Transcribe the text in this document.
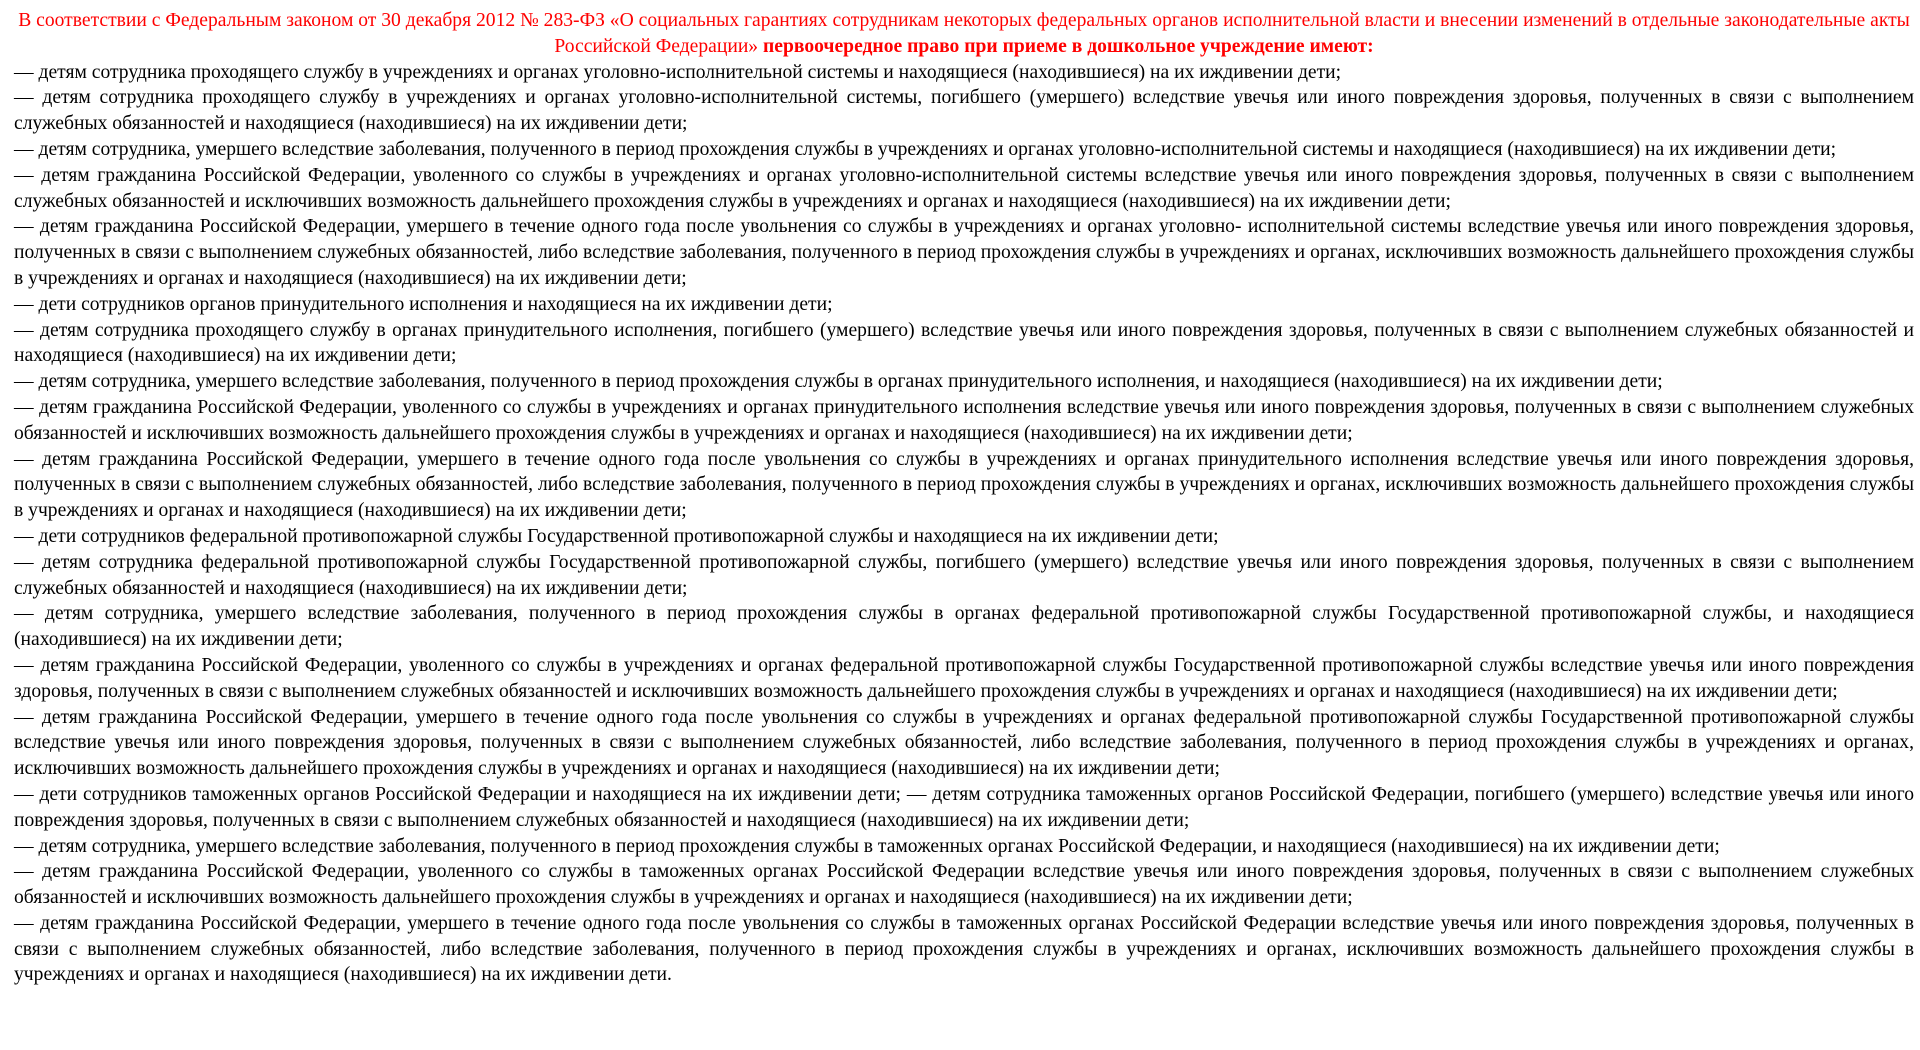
В соответствии с Федеральным законом от 30 декабря 2012 № 283-ФЗ «О социальных гарантиях сотрудникам некоторых федеральных органов исполнительной власти и внесении изменений в отдельные законодательные акты Российской Федерации» первоочередное право при приеме в дошкольное учреждение имеют:

— детям сотрудника проходящего службу в учреждениях и органах уголовно-исполнительной системы и находящиеся (находившиеся) на их иждивении дети;

— детям сотрудника проходящего службу в учреждениях и органах уголовно-исполнительной системы, погибшего (умершего) вследствие увечья или иного повреждения здоровья, полученных в связи с выполнением служебных обязанностей и находящиеся (находившиеся) на их иждивении дети;

— детям сотрудника, умершего вследствие заболевания, полученного в период прохождения службы в учреждениях и органах уголовно-исполнительной системы и находящиеся (находившиеся) на их иждивении дети;

— детям гражданина Российской Федерации, уволенного со службы в учреждениях и органах уголовно-исполнительной системы вследствие увечья или иного повреждения здоровья, полученных в связи с выполнением служебных обязанностей и исключивших возможность дальнейшего прохождения службы в учреждениях и органах и находящиеся (находившиеся) на их иждивении дети;

— детям гражданина Российской Федерации, умершего в течение одного года после увольнения со службы в учреждениях и органах уголовно- исполнительной системы вследствие увечья или иного повреждения здоровья, полученных в связи с выполнением служебных обязанностей, либо вследствие заболевания, полученного в период прохождения службы в учреждениях и органах, исключивших возможность дальнейшего прохождения службы в учреждениях и органах и находящиеся (находившиеся) на их иждивении дети;

— дети сотрудников органов принудительного исполнения и находящиеся на их иждивении дети;

— детям сотрудника проходящего службу в органах принудительного исполнения, погибшего (умершего) вследствие увечья или иного повреждения здоровья, полученных в связи с выполнением служебных обязанностей и находящиеся (находившиеся) на их иждивении дети;

— детям сотрудника, умершего вследствие заболевания, полученного в период прохождения службы в органах принудительного исполнения, и находящиеся (находившиеся) на их иждивении дети;

— детям гражданина Российской Федерации, уволенного со службы в учреждениях и органах принудительного исполнения вследствие увечья или иного повреждения здоровья, полученных в связи с выполнением служебных обязанностей и исключивших возможность дальнейшего прохождения службы в учреждениях и органах и находящиеся (находившиеся) на их иждивении дети;

— детям гражданина Российской Федерации, умершего в течение одного года после увольнения со службы в учреждениях и органах принудительного исполнения вследствие увечья или иного повреждения здоровья, полученных в связи с выполнением служебных обязанностей, либо вследствие заболевания, полученного в период прохождения службы в учреждениях и органах, исключивших возможность дальнейшего прохождения службы в учреждениях и органах и находящиеся (находившиеся) на их иждивении дети;

— дети сотрудников федеральной противопожарной службы Государственной противопожарной службы и находящиеся на их иждивении дети;

— детям сотрудника федеральной противопожарной службы Государственной противопожарной службы, погибшего (умершего) вследствие увечья или иного повреждения здоровья, полученных в связи с выполнением служебных обязанностей и находящиеся (находившиеся) на их иждивении дети;

— детям сотрудника, умершего вследствие заболевания, полученного в период прохождения службы в органах федеральной противопожарной службы Государственной противопожарной службы, и находящиеся (находившиеся) на их иждивении дети;

— детям гражданина Российской Федерации, уволенного со службы в учреждениях и органах федеральной противопожарной службы Государственной противопожарной службы вследствие увечья или иного повреждения здоровья, полученных в связи с выполнением служебных обязанностей и исключивших возможность дальнейшего прохождения службы в учреждениях и органах и находящиеся (находившиеся) на их иждивении дети;

— детям гражданина Российской Федерации, умершего в течение одного года после увольнения со службы в учреждениях и органах федеральной противопожарной службы Государственной противопожарной службы вследствие увечья или иного повреждения здоровья, полученных в связи с выполнением служебных обязанностей, либо вследствие заболевания, полученного в период прохождения службы в учреждениях и органах, исключивших возможность дальнейшего прохождения службы в учреждениях и органах и находящиеся (находившиеся) на их иждивении дети;

— дети сотрудников таможенных органов Российской Федерации и находящиеся на их иждивении дети; — детям сотрудника таможенных органов Российской Федерации, погибшего (умершего) вследствие увечья или иного повреждения здоровья, полученных в связи с выполнением служебных обязанностей и находящиеся (находившиеся) на их иждивении дети;

— детям сотрудника, умершего вследствие заболевания, полученного в период прохождения службы в таможенных органах Российской Федерации, и находящиеся (находившиеся) на их иждивении дети;

— детям гражданина Российской Федерации, уволенного со службы в таможенных органах Российской Федерации вследствие увечья или иного повреждения здоровья, полученных в связи с выполнением служебных обязанностей и исключивших возможность дальнейшего прохождения службы в учреждениях и органах и находящиеся (находившиеся) на их иждивении дети;

— детям гражданина Российской Федерации, умершего в течение одного года после увольнения со службы в таможенных органах Российской Федерации вследствие увечья или иного повреждения здоровья, полученных в связи с выполнением служебных обязанностей, либо вследствие заболевания, полученного в период прохождения службы в учреждениях и органах, исключивших возможность дальнейшего прохождения службы в учреждениях и органах и находящиеся (находившиеся) на их иждивении дети.
